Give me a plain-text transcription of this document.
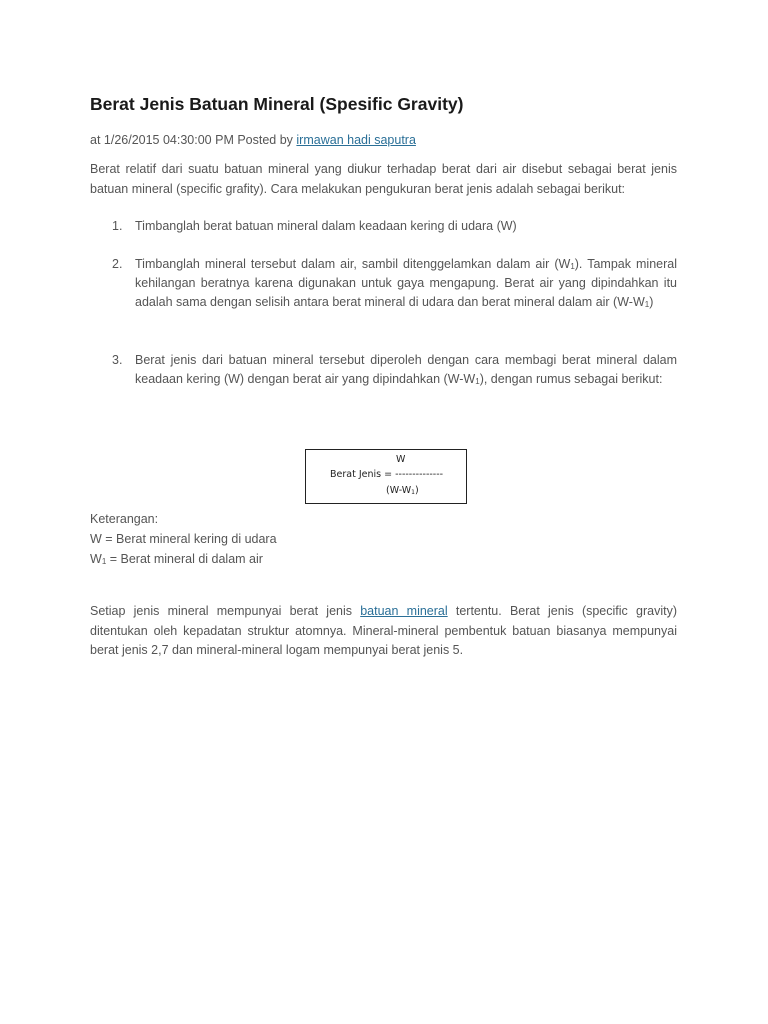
Berat Jenis Batuan Mineral (Spesific Gravity)
at 1/26/2015 04:30:00 PM Posted by irmawan hadi saputra

Berat relatif dari suatu batuan mineral yang diukur terhadap berat dari air disebut sebagai berat jenis batuan mineral (specific grafity). Cara melakukan pengukuran berat jenis adalah sebagai berikut:

1.	Timbanglah berat batuan mineral dalam keadaan kering di udara (W)
2.	Timbanglah mineral tersebut dalam air, sambil ditenggelamkan dalam air $(W_1)$. Tampak mineral kehilangan beratnya karena digunakan untuk gaya mengapung. Berat air yang dipindahkan itu adalah sama dengan selisih antara berat mineral di udara dan berat mineral dalam air $(W-W_1)$
3.	Berat jenis dari batuan mineral tersebut diperoleh dengan cara membagi berat mineral dalam keadaan kering (W) dengan berat air yang dipindahkan $(W-W_1)$, dengan rumus sebagai berikut:
W
Berat Jenis = --------------
$(W-W_1)$
Keterangan:
W = Berat mineral kering di udara
$W_1$ = Berat mineral di dalam air

Setiap jenis mineral mempunyai berat jenis batuan mineral tertentu. Berat jenis (specific gravity) ditentukan oleh kepadatan struktur atomnya. Mineral-mineral pembentuk batuan biasanya mempunyai berat jenis 2,7 dan mineral-mineral logam mempunyai berat jenis 5.
